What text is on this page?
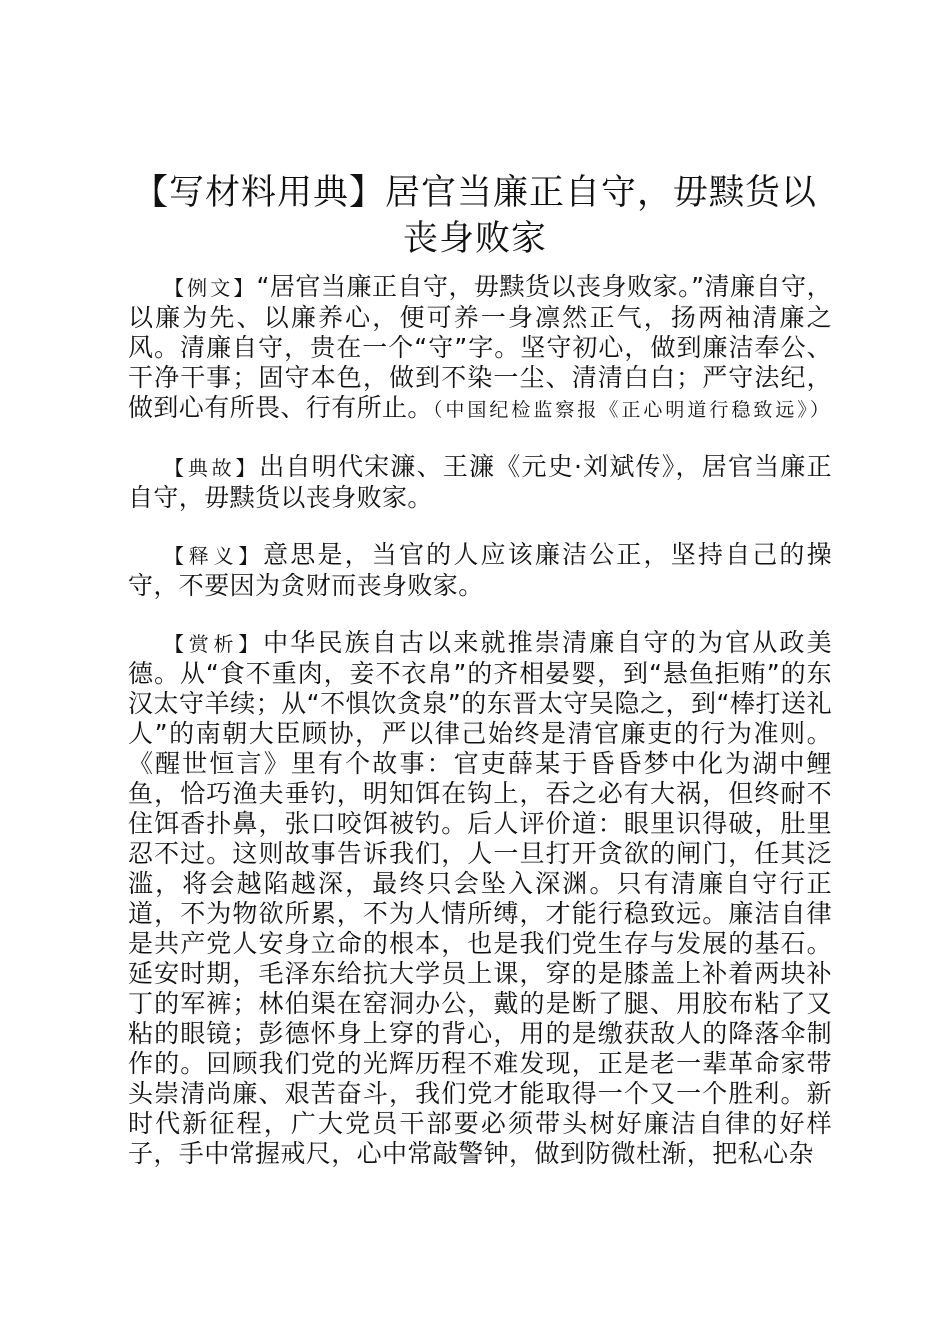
【写材料用典】居官当廉正自守，毋黩货以丧身败家

【例文】“居官当廉正自守，毋黩货以丧身败家。”清廉自守，以廉为先、以廉养心，便可养一身凛然正气，扬两袖清廉之风。清廉自守，贵在一个“守”字。坚守初心，做到廉洁奉公、干净干事；固守本色，做到不染一尘、清清白白；严守法纪，做到心有所畏、行有所止。（中国纪检监察报《正心明道行稳致远》）

【典故】出自明代宋濂、王濂《元史·刘斌传》，居官当廉正自守，毋黩货以丧身败家。

【释义】意思是，当官的人应该廉洁公正，坚持自己的操守，不要因为贪财而丧身败家。

【赏析】中华民族自古以来就推崇清廉自守的为官从政美德。从“食不重肉，妾不衣帛”的齐相晏婴，到“悬鱼拒贿”的东汉太守羊续；从“不惧饮贪泉”的东晋太守吴隐之，到“棒打送礼人”的南朝大臣顾协，严以律己始终是清官廉吏的行为准则。《醒世恒言》里有个故事：官吏薛某于昏昏梦中化为湖中鲤鱼，恰巧渔夫垂钓，明知饵在钩上，吞之必有大祸，但终耐不住饵香扑鼻，张口咬饵被钓。后人评价道：眼里识得破，肚里忍不过。这则故事告诉我们，人一旦打开贪欲的闸门，任其泛滥，将会越陷越深，最终只会坠入深渊。只有清廉自守行正道，不为物欲所累，不为人情所缚，才能行稳致远。廉洁自律是共产党人安身立命的根本，也是我们党生存与发展的基石。延安时期，毛泽东给抗大学员上课，穿的是膝盖上补着两块补丁的军裤；林伯渠在窑洞办公，戴的是断了腿、用胶布粘了又粘的眼镜；彭德怀身上穿的背心，用的是缴获敌人的降落伞制作的。回顾我们党的光辉历程不难发现，正是老一辈革命家带头崇清尚廉、艰苦奋斗，我们党才能取得一个又一个胜利。新时代新征程，广大党员干部要必须带头树好廉洁自律的好样子，手中常握戒尺，心中常敲警钟，做到防微杜渐，把私心杂
